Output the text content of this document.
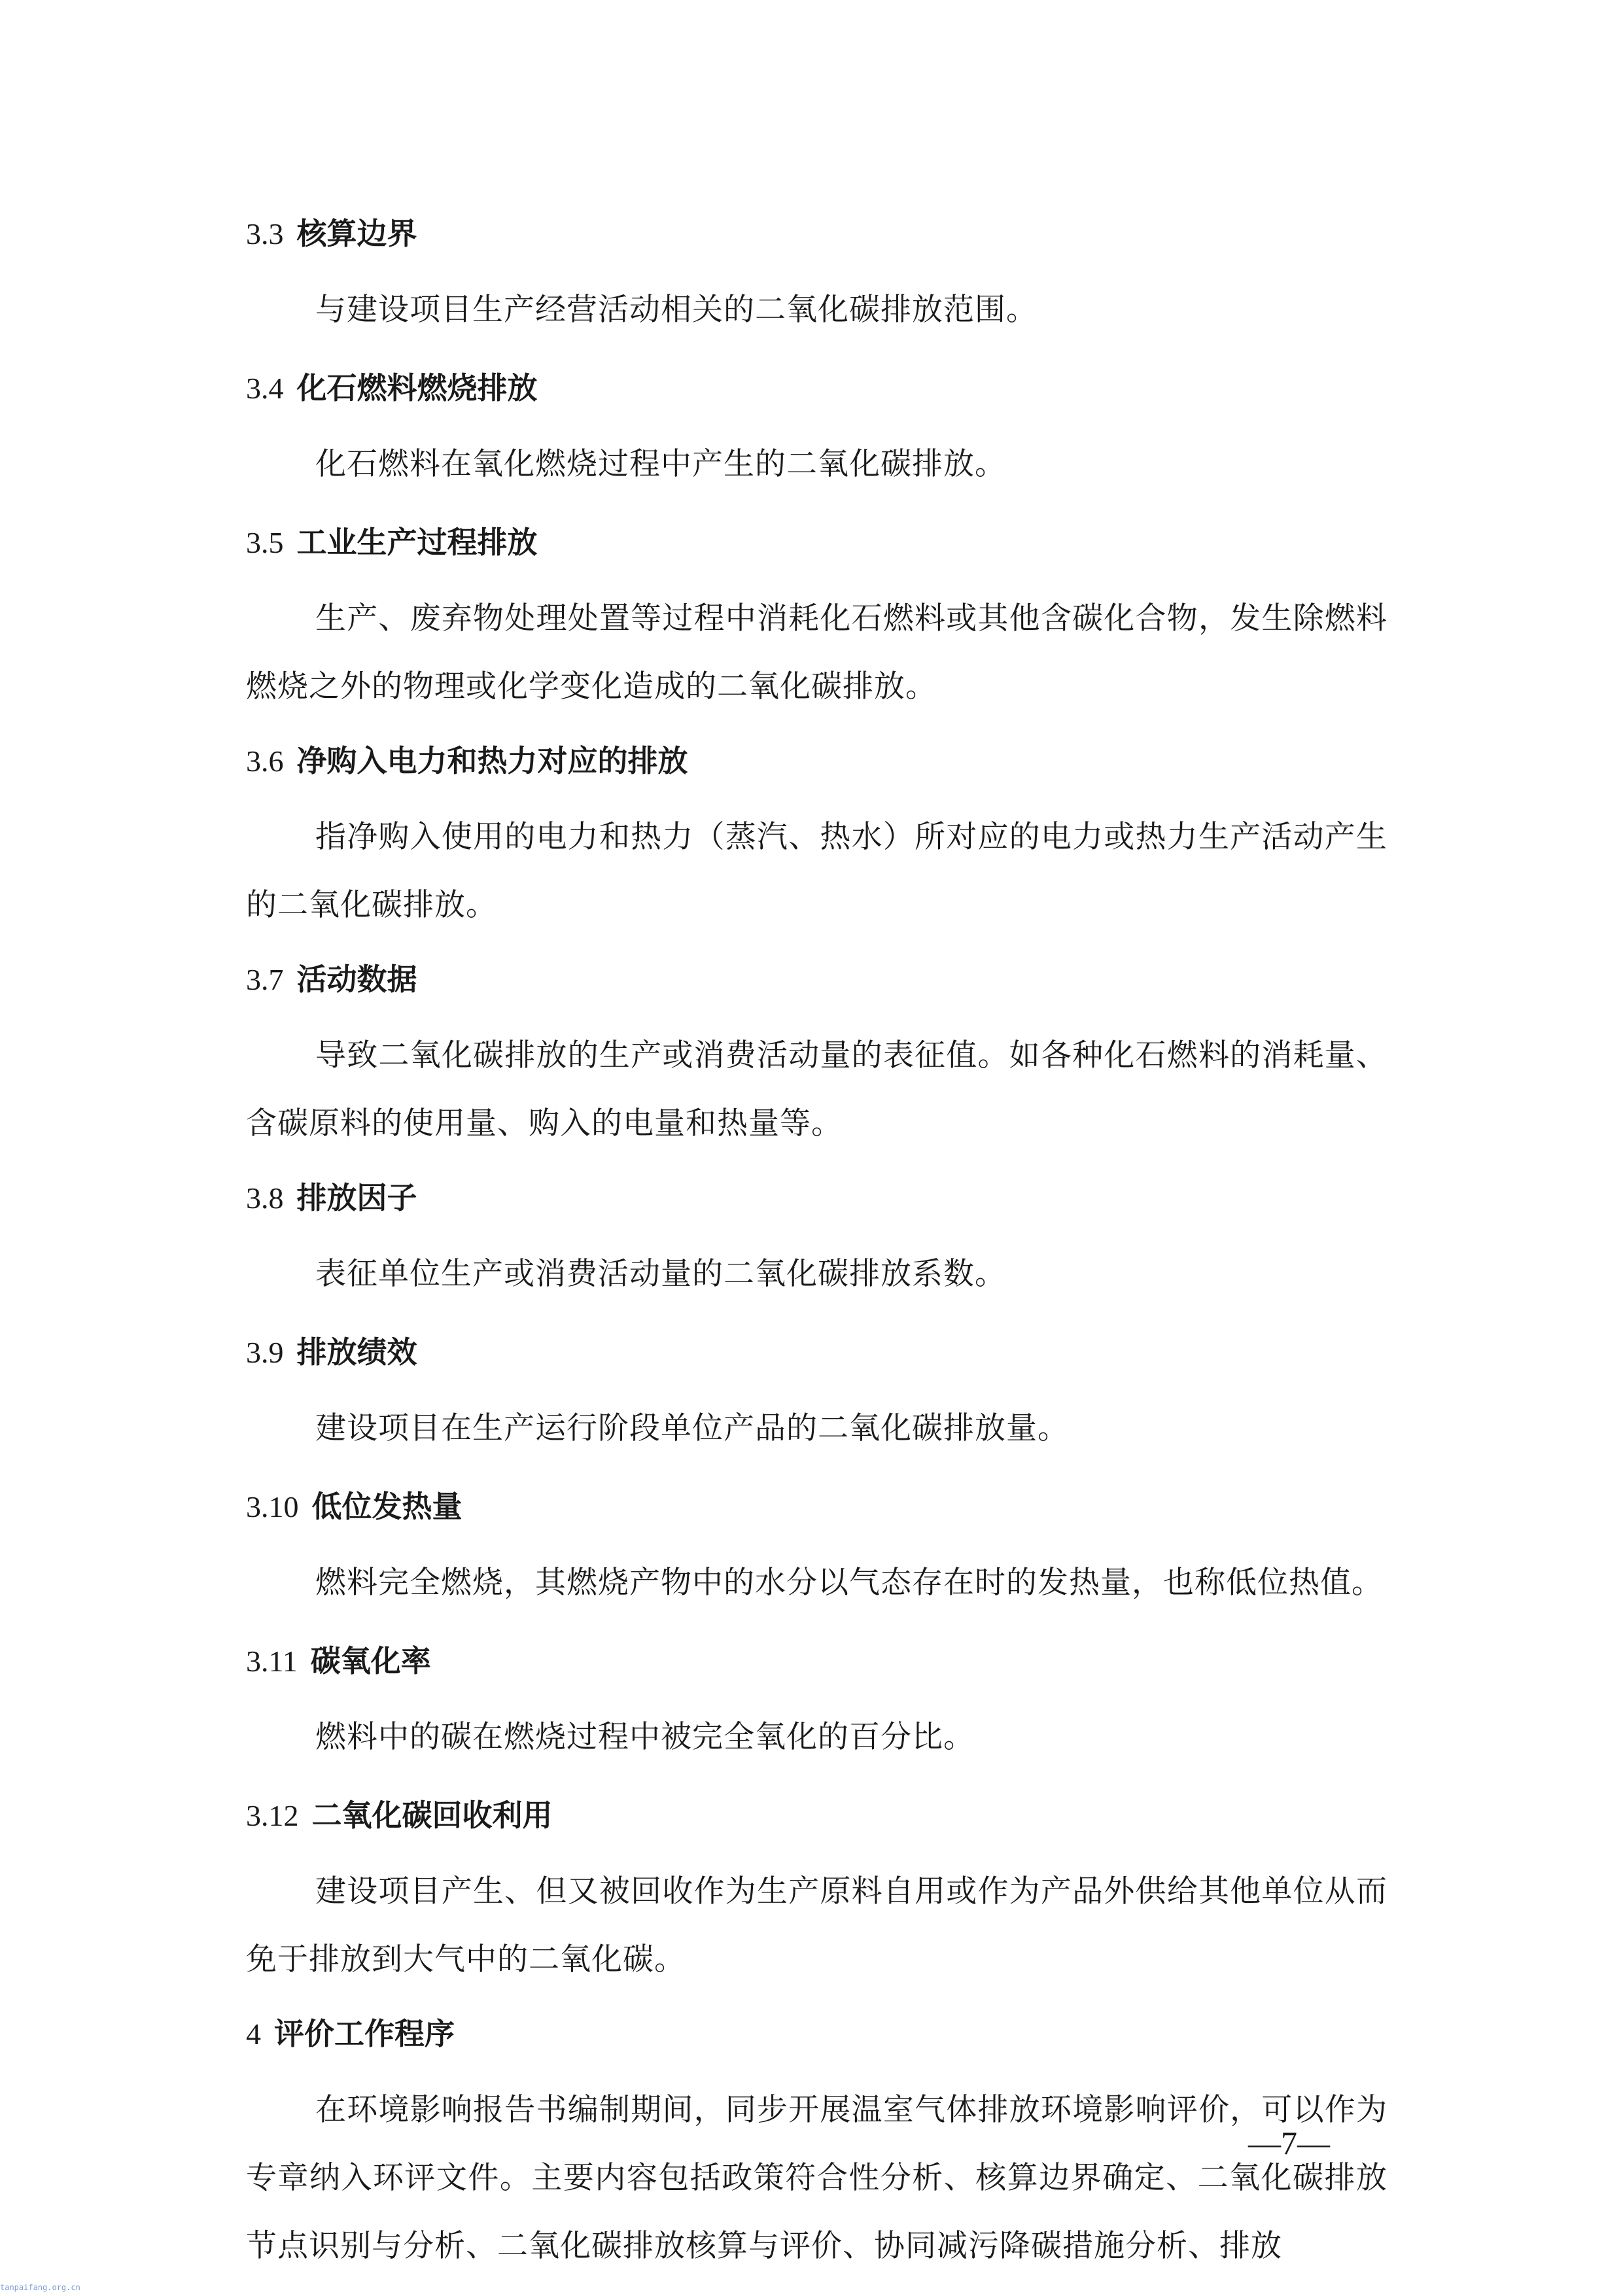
3.3 核算边界

与建设项目生产经营活动相关的二氧化碳排放范围。

3.4 化石燃料燃烧排放

化石燃料在氧化燃烧过程中产生的二氧化碳排放。

3.5 工业生产过程排放

生产、废弃物处理处置等过程中消耗化石燃料或其他含碳化合物，发生除燃料燃烧之外的物理或化学变化造成的二氧化碳排放。

3.6 净购入电力和热力对应的排放

指净购入使用的电力和热力（蒸汽、热水）所对应的电力或热力生产活动产生的二氧化碳排放。

3.7 活动数据

导致二氧化碳排放的生产或消费活动量的表征值。如各种化石燃料的消耗量、含碳原料的使用量、购入的电量和热量等。

3.8 排放因子

表征单位生产或消费活动量的二氧化碳排放系数。

3.9 排放绩效

建设项目在生产运行阶段单位产品的二氧化碳排放量。

3.10 低位发热量

燃料完全燃烧，其燃烧产物中的水分以气态存在时的发热量，也称低位热值。

3.11 碳氧化率

燃料中的碳在燃烧过程中被完全氧化的百分比。

3.12 二氧化碳回收利用

建设项目产生、但又被回收作为生产原料自用或作为产品外供给其他单位从而免于排放到大气中的二氧化碳。

4 评价工作程序

在环境影响报告书编制期间，同步开展温室气体排放环境影响评价，可以作为专章纳入环评文件。主要内容包括政策符合性分析、核算边界确定、二氧化碳排放节点识别与分析、二氧化碳排放核算与评价、协同减污降碳措施分析、排放

—7—
tanpaifang.org.cn
